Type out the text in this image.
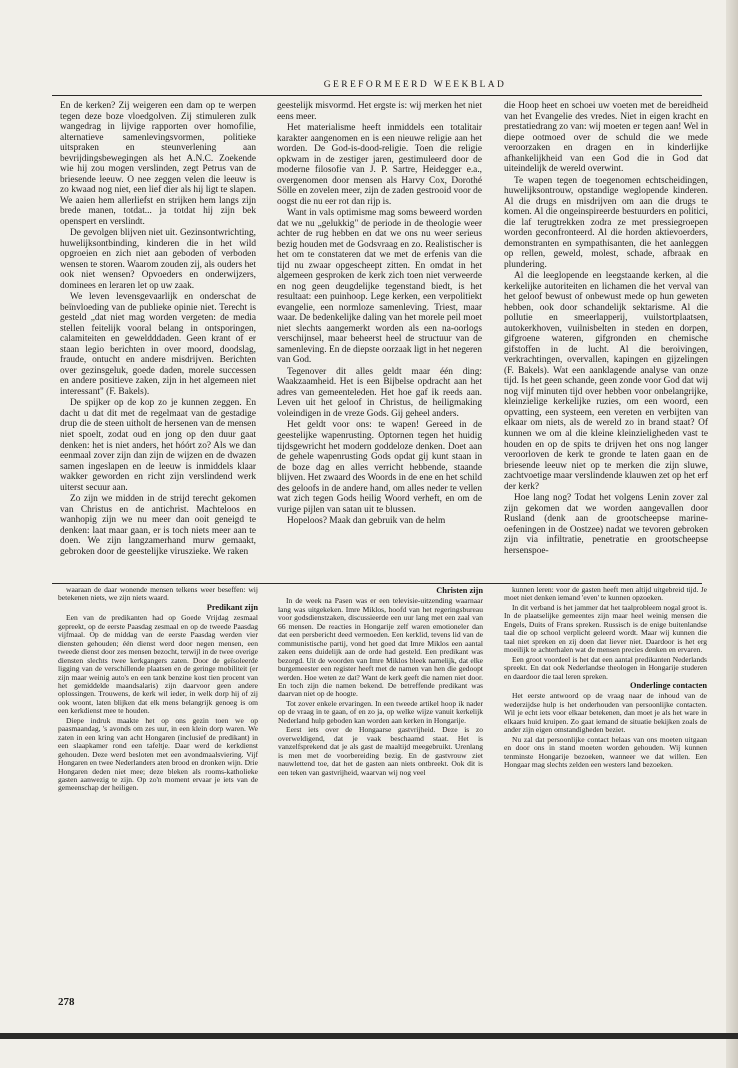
GEREFORMEERD WEEKBLAD

En de kerken? Zij weigeren een dam op te werpen tegen deze boze vloedgolven. Zij stimuleren zulk wangedrag in lijvige rapporten over homofilie, alternatieve samenlevingsvormen, politieke uitspraken en steunverlening aan bevrijdingsbewegingen als het A.N.C. Zoekende wie hij zou mogen verslinden, zegt Petrus van de briesende leeuw. O nee zeggen velen die leeuw is zo kwaad nog niet, een lief dier als hij ligt te slapen. We aaien hem allerliefst en strijken hem langs zijn brede manen, totdat... ja totdat hij zijn bek openspert en verslindt.

De gevolgen blijven niet uit. Gezinsontwrichting, huwelijksontbinding, kinderen die in het wild opgroeien en zich niet aan geboden of verboden wensen te storen. Waarom zouden zij, als ouders het ook niet wensen? Opvoeders en onderwijzers, dominees en leraren let op uw zaak.

We leven levensgevaarlijk en onderschat de beïnvloeding van de publieke opinie niet. Terecht is gesteld „dat niet mag worden vergeten: de media stellen feitelijk vooral belang in ontsporingen, calamiteiten en geweldddaden. Geen krant of er staan legio berichten in over moord, doodslag, fraude, ontucht en andere misdrijven. Berichten over gezinsgeluk, goede daden, morele successen en andere positieve zaken, zijn in het algemeen niet interessant" (F. Bakels).

De spijker op de kop zo je kunnen zeggen. En dacht u dat dit met de regelmaat van de gestadige drup die de steen uitholt de hersenen van de mensen niet spoelt, zodat oud en jong op den duur gaat denken: het is niet anders, het hóórt zo? Als we dan eenmaal zover zijn dan zijn de wijzen en de dwazen samen ingeslapen en de leeuw is inmiddels klaar wakker geworden en richt zijn verslindend werk uiterst secuur aan.

Zo zijn we midden in de strijd terecht gekomen van Christus en de antichrist. Machteloos en wanhopig zijn we nu meer dan ooit geneigd te denken: laat maar gaan, er is toch niets meer aan te doen. We zijn langzamerhand murw gemaakt, gebroken door de geestelijke viruszieke. We raken

geestelijk misvormd. Het ergste is: wij merken het niet eens meer.

Het materialisme heeft inmiddels een totalitair karakter aangenomen en is een nieuwe religie aan het worden. De God-is-dood-religie. Toen die religie opkwam in de zestiger jaren, gestimuleerd door de moderne filosofie van J. P. Sartre, Heidegger e.a., overgenomen door mensen als Harvy Cox, Dorothé Sölle en zovelen meer, zijn de zaden gestrooid voor de oogst die nu eer rot dan rijp is.

Want in vals optimisme mag soms beweerd worden dat we nu „gelukkig" de periode in de theologie weer achter de rug hebben en dat we ons nu weer serieus bezig houden met de Godsvraag en zo. Realistischer is het om te constateren dat we met de erfenis van die tijd nu zwaar opgescheept zitten. En omdat in het algemeen gesproken de kerk zich toen niet verweerde en nog geen deugdelijke tegenstand biedt, is het resultaat: een puinhoop. Lege kerken, een verpolitiekt evangelie, een normloze samenleving. Triest, maar waar. De bedenkelijke daling van het morele peil moet niet slechts aangemerkt worden als een na-oorlogs verschijnsel, maar beheerst heel de structuur van de samenleving. En de diepste oorzaak ligt in het negeren van God.

Tegenover dit alles geldt maar één ding: Waakzaamheid. Het is een Bijbelse opdracht aan het adres van gemeenteleden. Het hoe gaf ik reeds aan. Leven uit het geloof in Christus, de heiligmaking voleindigen in de vreze Gods. Gij geheel anders.

Het geldt voor ons: te wapen! Gereed in de geestelijke wapenrusting. Optornen tegen het huidig tijdsgewricht het modern goddeloze denken. Doet aan de gehele wapenrusting Gods opdat gij kunt staan in de boze dag en alles verricht hebbende, staande blijven. Het zwaard des Woords in de ene en het schild des geloofs in de andere hand, om alles neder te vellen wat zich tegen Gods heilig Woord verheft, en om de vurige pijlen van satan uit te blussen.

Hopeloos? Maak dan gebruik van de helm

die Hoop heet en schoei uw voeten met de bereidheid van het Evangelie des vredes. Niet in eigen kracht en prestatiedrang zo van: wij moeten er tegen aan! Wel in diepe ootmoed over de schuld die we mede veroorzaken en dragen en in kinderlijke afhankelijkheid van een God die in God dat uiteindelijk de wereld overwint.

Te wapen tegen de toegenomen echtscheidingen, huwelijksontrouw, opstandige weglopende kinderen. Al die drugs en misdrijven om aan die drugs te komen. Al die ongeinspireerde bestuurders en politici, die laf terugtrekken zodra ze met pressiegroepen worden geconfronteerd. Al die horden aktievoerders, demonstranten en sympathisanten, die het aanleggen op rellen, geweld, molest, schade, afbraak en plundering.

Al die leeglopende en leegstaande kerken, al die kerkelijke autoriteiten en lichamen die het verval van het geloof bewust of onbewust mede op hun geweten hebben, ook door schandelijk sektarisme. Al die pollutie en smeerlapperij, vuilstortplaatsen, autokerkhoven, vuilnisbelten in steden en dorpen, gifgroene wateren, gifgronden en chemische gifstoffen in de lucht. Al die beroivingen, verkrachtingen, overvallen, kapingen en gijzelingen (F. Bakels). Wat een aanklagende analyse van onze tijd. Is het geen schande, geen zonde voor God dat wij nog vijf minuten tijd over hebben voor onbelangrijke, kleinzielige kerkelijke ruzies, om een woord, een opvatting, een systeem, een vereten en verbijten van elkaar om niets, als de wereld zo in brand staat? Of kunnen we om al die kleine kleinzieligheden vast te houden en op de spits te drijven het ons nog langer veroorloven de kerk te gronde te laten gaan en de briesende leeuw niet op te merken die zijn sluwe, zachtvoetige maar verslindende klauwen zet op het erf der kerk?

Hoe lang nog? Todat het volgens Lenin zover zal zijn gekomen dat we worden aangevallen door Rusland (denk aan de grootscheepse marine-oefeningen in de Oostzee) nadat we tevoren gebroken zijn via infiltratie, penetratie en grootscheepse hersenspoe-

waaraan de daar wonende mensen telkens weer beseffen: wij betekenen niets, we zijn niets waard.

Predikant zijn

Een van de predikanten had op Goede Vrijdag zesmaal gepreekt, op de eerste Paasdag zesmaal en op de tweede Paasdag vijfmaal. Op de middag van de eerste Paasdag werden vier diensten gehouden; één dienst werd door negen mensen, een tweede dienst door zes mensen bezocht, terwijl in de twee overige diensten slechts twee kerkgangers zaten. Door de geïsoleerde ligging van de verschillende plaatsen en de geringe mobiliteit (er zijn maar weinig auto's en een tank benzine kost tien procent van het gemiddelde maandsalaris) zijn daarvoor geen andere oplossingen. Trouwens, de kerk wil ieder, in welk dorp hij of zij ook woont, laten blijken dat elk mens belangrijk genoeg is om een kerkdienst mee te houden.

Diepe indruk maakte het op ons gezin toen we op paasmaandag, 's avonds om zes uur, in een klein dorp waren. We zaten in een kring van acht Hongaren (inclusief de predikant) in een slaapkamer rond een tafeltje. Daar werd de kerkdienst gehouden. Deze werd besloten met een avondmaalsviering. Vijf Hongaren en twee Nederlanders aten brood en dronken wijn. Drie Hongaren deden niet mee; deze bleken als rooms-katholieke gasten aanwezig te zijn. Op zo'n moment ervaar je iets van de gemeenschap der heiligen.

Christen zijn

In de week na Pasen was er een televisie-uitzending waarnaar lang was uitgekeken. Imre Miklos, hoofd van het regeringsbureau voor godsdienstzaken, discussieerde een uur lang met een zaal van 66 mensen. De reacties in Hongarije zelf waren emotioneler dan dat een persbericht deed vermoeden. Een kerklid, tevens lid van de communistische partij, vond het goed dat Imre Miklos een aantal zaken eens duidelijk aan de orde had gesteld. Een predikant was bezorgd. Uit de woorden van Imre Miklos bleek namelijk, dat elke burgemeester een register heeft met de namen van hen die gedoopt werden. Hoe weten ze dat? Want de kerk geeft die namen niet door. En toch zijn die namen bekend. De betreffende predikant was daarvan niet op de hoogte.

Tot zover enkele ervaringen. In een tweede artikel hoop ik nader op de vraag in te gaan, of en zo ja, op welke wijze vanuit kerkelijk Nederland hulp geboden kan worden aan kerken in Hongarije.

Eerst iets over de Hongaarse gastvrijheid. Deze is zo overweldigend, dat je vaak beschaamd staat. Het is vanzelfsprekend dat je als gast de maaltijd meegebruikt. Urenlang is men met de voorbereiding bezig. En de gastvrouw ziet nauwlettend toe, dat het de gasten aan niets ontbreekt. Ook dit is een teken van gastvrijheid, waarvan wij nog veel

kunnen leren: voor de gasten heeft men altijd uitgebreid tijd. Je moet niet denken iemand 'even' te kunnen opzoeken.

In dit verband is het jammer dat het taalprobleem nogal groot is. In de plaatselijke gemeentes zijn maar heel weinig mensen die Engels, Duits of Frans spreken. Russisch is de enige buitenlandse taal die op school verplicht geleerd wordt. Maar wij kunnen die taal niet spreken en zij doen dat liever niet. Daardoor is het erg moeilijk te achterhalen wat de mensen precies denken en ervaren.

Een groot voordeel is het dat een aantal predikanten Nederlands spreekt. En dat ook Nederlandse theologen in Hongarije studeren en daardoor die taal leren spreken.

Onderlinge contacten

Het eerste antwoord op de vraag naar de inhoud van de wederzijdse hulp is het onderhouden van persoonlijke contacten. Wil je echt iets voor elkaar betekenen, dan moet je als het ware in elkaars huid kruipen. Zo gaat iemand de situatie bekijken zoals de ander zijn eigen omstandigheden beziet.

Nu zal dat persoonlijke contact helaas van ons moeten uitgaan en door ons in stand moeten worden gehouden. Wij kunnen tenminste Hongarije bezoeken, wanneer we dat willen. Een Hongaar mag slechts zelden een westers land bezoeken.

278
